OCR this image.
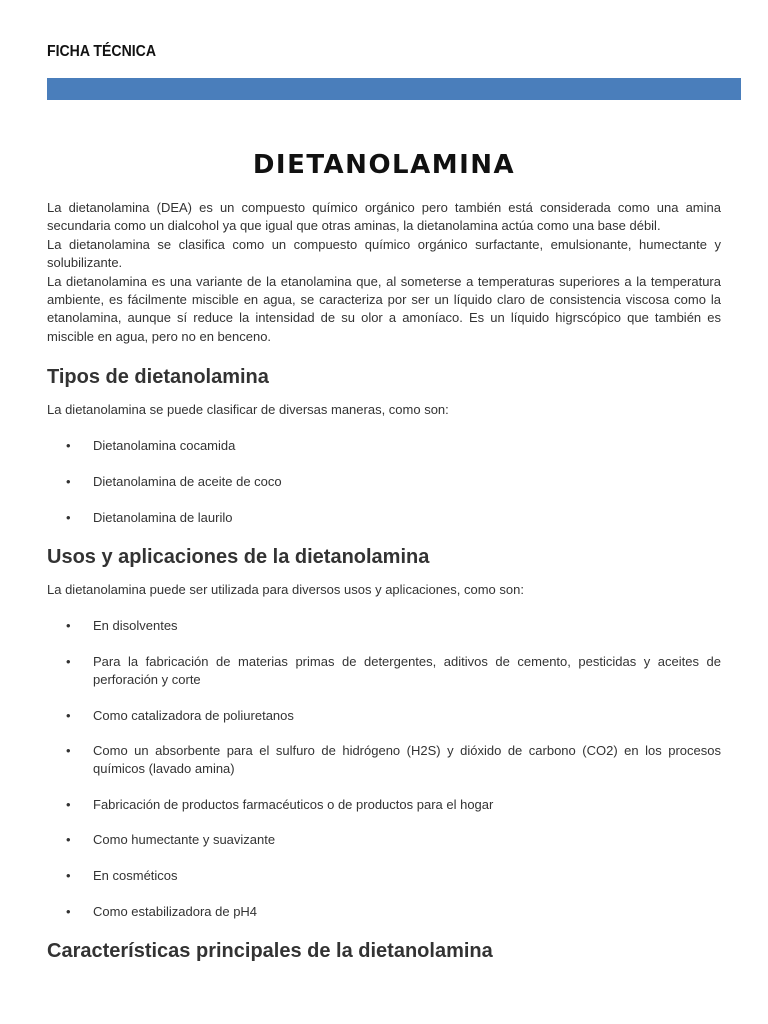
FICHA TÉCNICA
DIETANOLAMINA

La dietanolamina (DEA) es un compuesto químico orgánico pero también está considerada como una amina secundaria como un dialcohol ya que igual que otras aminas, la dietanolamina actúa como una base débil.

La dietanolamina se clasifica como un compuesto químico orgánico surfactante, emulsionante, humectante y solubilizante.

La dietanolamina es una variante de la etanolamina que, al someterse a temperaturas superiores a la temperatura ambiente, es fácilmente miscible en agua, se caracteriza por ser un líquido claro de consistencia viscosa como la etanolamina, aunque sí reduce la intensidad de su olor a amoníaco. Es un líquido higrscópico que también es miscible en agua, pero no en benceno.

Tipos de dietanolamina
La dietanolamina se puede clasificar de diversas maneras, como son:
•	Dietanolamina cocamida
•	Dietanolamina de aceite de coco
•	Dietanolamina de laurilo
Usos y aplicaciones de la dietanolamina
La dietanolamina puede ser utilizada para diversos usos y aplicaciones, como son:
•	En disolventes
•	Para la fabricación de materias primas de detergentes, aditivos de cemento, pesticidas y aceites de perforación y corte
•	Como catalizadora de poliuretanos
•	Como un absorbente para el sulfuro de hidrógeno (H2S) y dióxido de carbono (CO2) en los procesos químicos (lavado amina)
•	Fabricación de productos farmacéuticos o de productos para el hogar
•	Como humectante y suavizante
•	En cosméticos
•	Como estabilizadora de pH4
Características principales de la dietanolamina
